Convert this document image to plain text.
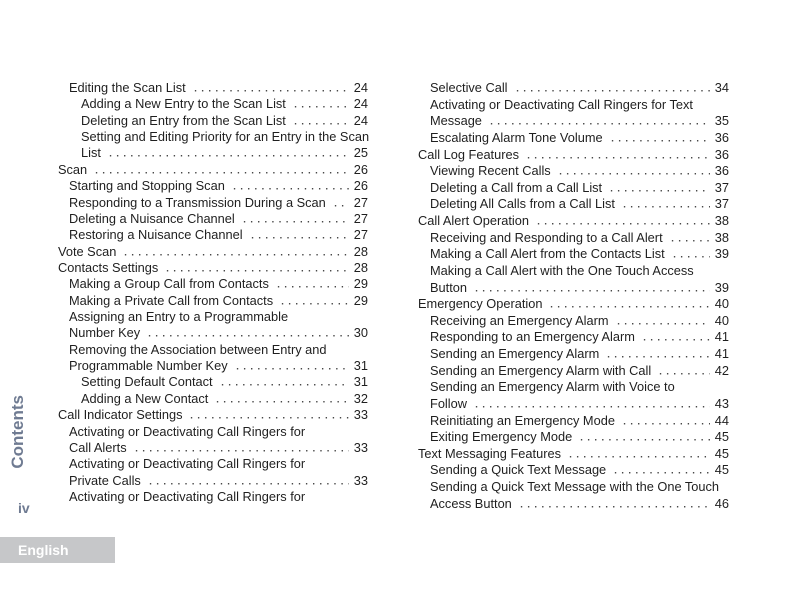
Editing the Scan List	24
Adding a New Entry to the Scan List	24
Deleting an Entry from the Scan List	24
Setting and Editing Priority for an Entry in the Scan
List	25
Scan	26
Starting and Stopping Scan	26
Responding to a Transmission During a Scan 27
Deleting a Nuisance Channel	27
Restoring a Nuisance Channel	27
Vote Scan	28
Contacts Settings	28
Making a Group Call from Contacts	29
Making a Private Call from Contacts	29
Assigning an Entry to a Programmable
Number Key	30
Removing the Association between Entry and
Programmable Number Key	31
Setting Default Contact	31
Adding a New Contact	32
Call Indicator Settings	33
Activating or Deactivating Call Ringers for
Call Alerts	33
Activating or Deactivating Call Ringers for
Private Calls	33
Activating or Deactivating Call Ringers for
Selective Call	34
Activating or Deactivating Call Ringers for Text
Message	35
Escalating Alarm Tone Volume	36
Call Log Features	36
Viewing Recent Calls	36
Deleting a Call from a Call List	37
Deleting All Calls from a Call List	37
Call Alert Operation	38
Receiving and Responding to a Call Alert	38
Making a Call Alert from the Contacts List	39
Making a Call Alert with the One Touch Access
Button	39
Emergency Operation	40
Receiving an Emergency Alarm	40
Responding to an Emergency Alarm	41
Sending an Emergency Alarm	41
Sending an Emergency Alarm with Call	42
Sending an Emergency Alarm with Voice to
Follow	43
Reinitiating an Emergency Mode	44
Exiting Emergency Mode	45
Text Messaging Features	45
Sending a Quick Text Message	45
Sending a Quick Text Message with the One Touch
Access Button	46
Contents
iv
English
